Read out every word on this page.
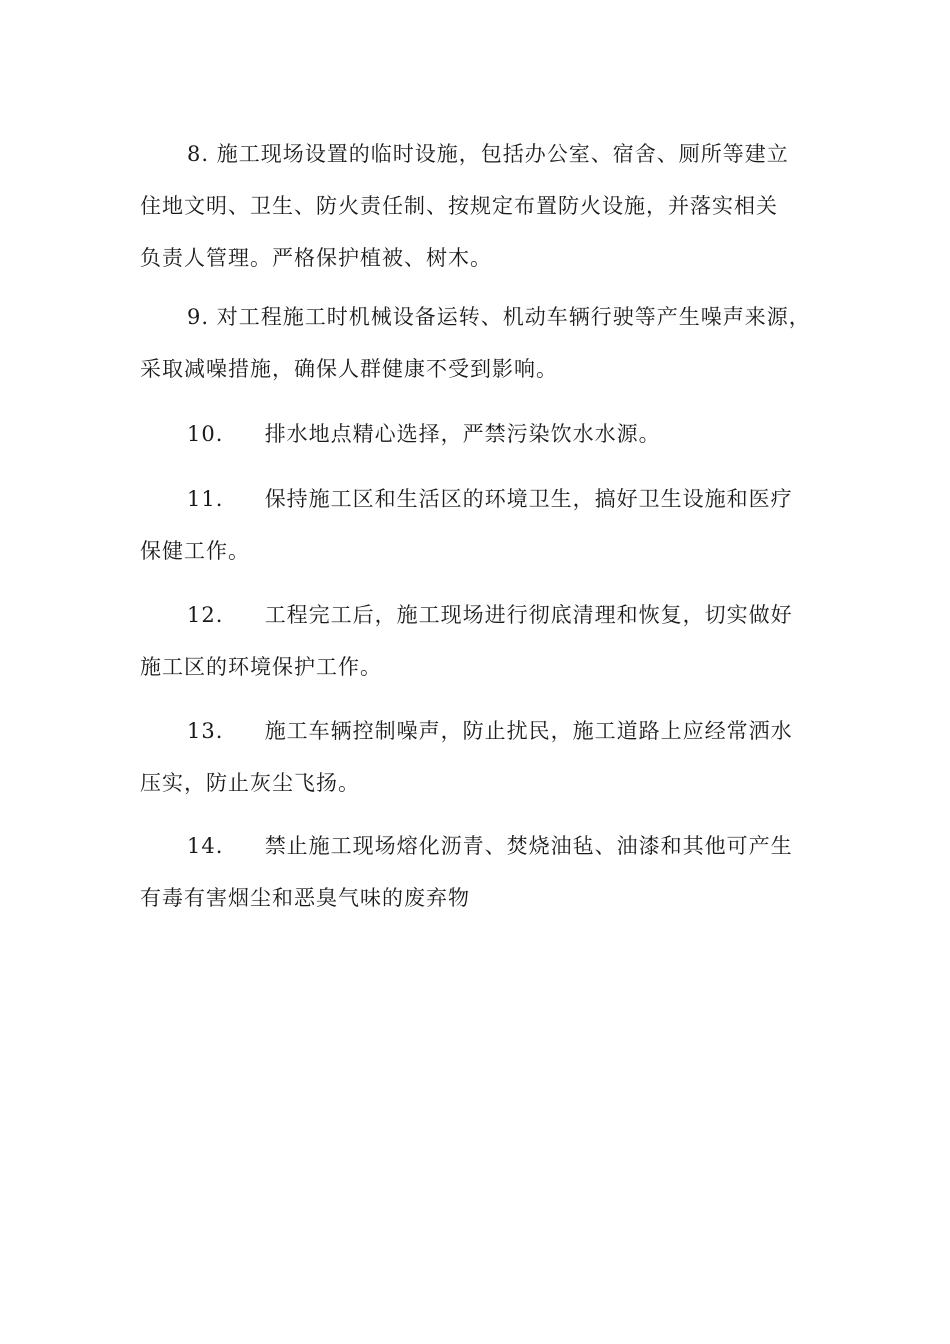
8. 施工现场设置的临时设施，包括办公室、宿舍、厕所等建立
住地文明、卫生、防火责任制、按规定布置防火设施，并落实相关
负责人管理。严格保护植被、树木。
9. 对工程施工时机械设备运转、机动车辆行驶等产生噪声来源，
采取减噪措施，确保人群健康不受到影响。
10. 排水地点精心选择，严禁污染饮水水源。
11. 保持施工区和生活区的环境卫生，搞好卫生设施和医疗
保健工作。
12. 工程完工后，施工现场进行彻底清理和恢复，切实做好
施工区的环境保护工作。
13. 施工车辆控制噪声，防止扰民，施工道路上应经常洒水
压实，防止灰尘飞扬。
14. 禁止施工现场熔化沥青、焚烧油毡、油漆和其他可产生
有毒有害烟尘和恶臭气味的废弃物
